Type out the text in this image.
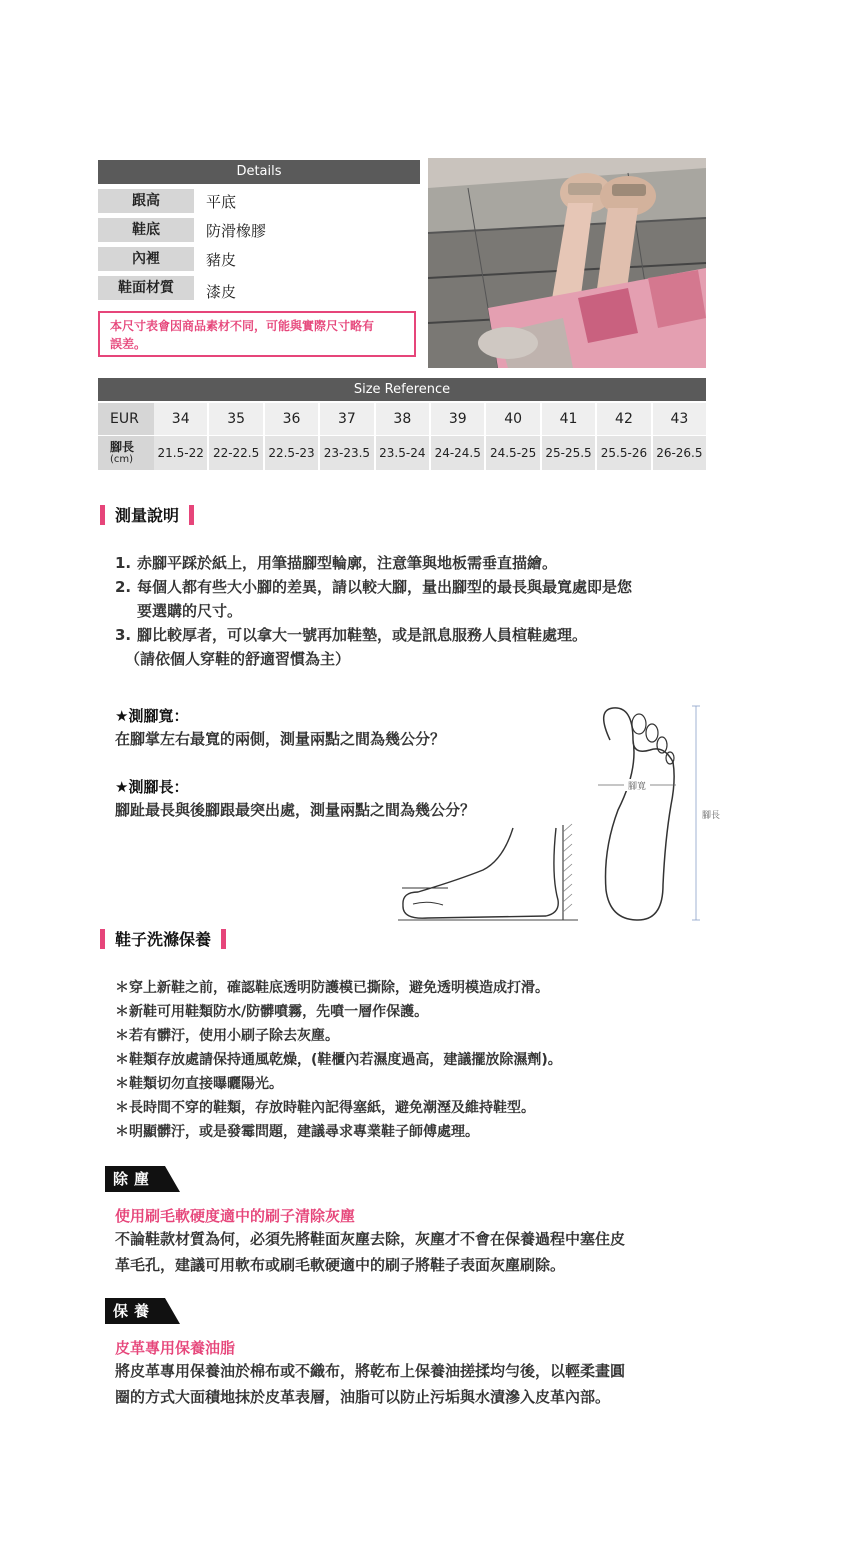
Details
跟高	平底
鞋底	防滑橡膠
內裡	豬皮
鞋面材質	漆皮
本尺寸表會因商品素材不同，可能與實際尺寸略有
誤差。
Size Reference
EUR	34	35	36	37	38	39	40	41	42	43
腳長
(cm) 21.5-22 22-22.5 22.5-23 23-23.5 23.5-24 24-24.5 24.5-25 25-25.5 25.5-26 26-26.5
測量說明
1. 赤腳平踩於紙上，用筆描腳型輪廓，注意筆與地板需垂直描繪。
2. 每個人都有些大小腳的差異，請以較大腳，量出腳型的最長與最寬處即是您
要選購的尺寸。
3. 腳比較厚者，可以拿大一號再加鞋墊，或是訊息服務人員楦鞋處理。
（請依個人穿鞋的舒適習慣為主）
★測腳寬：
在腳掌左右最寬的兩側，測量兩點之間為幾公分？
★測腳長：
腳趾最長與後腳跟最突出處，測量兩點之間為幾公分？
腳寬
腳長
鞋子洗滌保養
＊穿上新鞋之前，確認鞋底透明防護模已撕除，避免透明模造成打滑。
＊新鞋可用鞋類防水/防髒噴霧，先噴一層作保護。
＊若有髒汙，使用小刷子除去灰塵。
＊鞋類存放處請保持通風乾燥，(鞋櫃內若濕度過高，建議擺放除濕劑)。
＊鞋類切勿直接曝曬陽光。
＊長時間不穿的鞋類，存放時鞋內記得塞紙，避免潮溼及維持鞋型。
＊明顯髒汙，或是發霉問題，建議尋求專業鞋子師傅處理。
除塵
使用刷毛軟硬度適中的刷子清除灰塵
不論鞋款材質為何，必須先將鞋面灰塵去除，灰塵才不會在保養過程中塞住皮
革毛孔，建議可用軟布或刷毛軟硬適中的刷子將鞋子表面灰塵刷除。
保養
皮革專用保養油脂
將皮革專用保養油於棉布或不織布，將乾布上保養油搓揉均勻後，以輕柔畫圓
圈的方式大面積地抹於皮革表層，油脂可以防止污垢與水漬滲入皮革內部。
